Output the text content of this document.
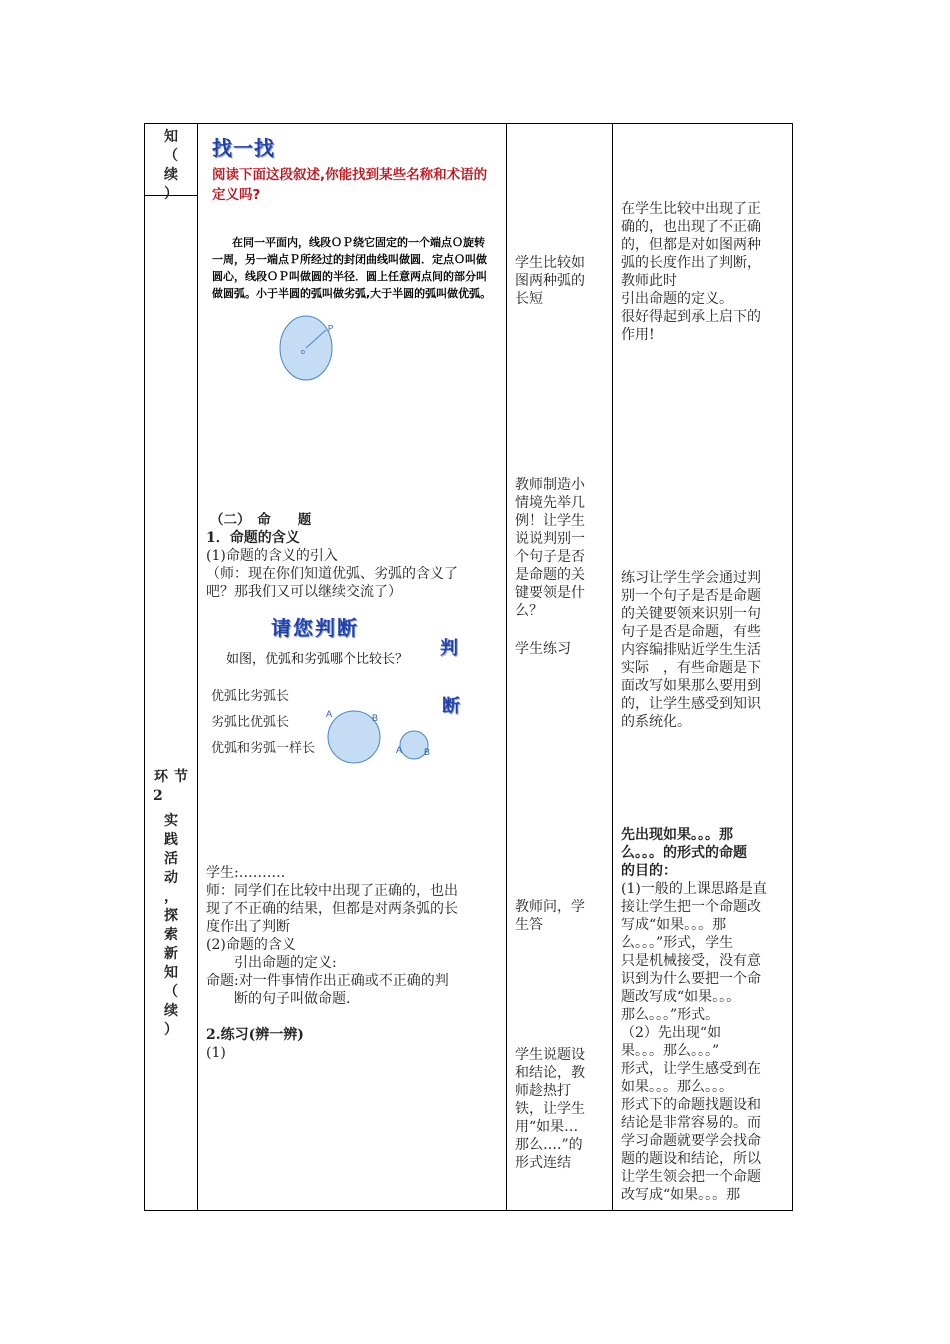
知
（
续
）
环 节
2
实
践
活
动
，
探
索
新
知
（
续
）
找一找
阅读下面这段叙述,你能找到某些名称和术语的定义吗?
在同一平面内，线段ＯＰ绕它固定的一个端点Ｏ旋转
一周，另一端点Ｐ所经过的封闭曲线叫做圆．定点Ｏ叫做
圆心，线段ＯＰ叫做圆的半径．圆上任意两点间的部分叫
做圆弧。小于半圆的弧叫做劣弧,大于半圆的弧叫做优弧。
P
o
（二）　命　　题
1．命题的含义
(1)命题的含义的引入
（师：现在你们知道优弧、劣弧的含义了
吧？那我们又可以继续交流了）
请您判断
如图，优弧和劣弧哪个比较长？
判
断
优弧比劣弧长
劣弧比优弧长
优弧和劣弧一样长
A	B
A B
学生:……….
师：同学们在比较中出现了正确的，也出
现了不正确的结果，但都是对两条弧的长
度作出了判断
(2)命题的含义
　　引出命题的定义:
命题:对一件事情作出正确或不正确的判
　　断的句子叫做命题.
2.练习(辨一辨)
(1)
学生比较如
图两种弧的
长短
教师制造小
情境先举几
例！让学生
说说判别一
个句子是否
是命题的关
键要领是什
么？
学生练习
教师问，学
生答
学生说题设
和结论，教
师趁热打
铁，让学生
用“如果…
那么….”的
形式连结
在学生比较中出现了正
确的，也出现了不正确
的，但都是对如图两种
弧的长度作出了判断，
教师此时
引出命题的定义。
很好得起到承上启下的
作用!
练习让学生学会通过判
别一个句子是否是命题
的关键要领来识别一句
句子是否是命题，有些
内容编排贴近学生生活
实际　，有些命题是下
面改写如果那么要用到
的，让学生感受到知识
的系统化。
先出现如果。。。那
么。。。的形式的命题
的目的：
(1)一般的上课思路是直
接让学生把一个命题改
写成“如果。。。那
么。。。”形式，学生
只是机械接受，没有意
识到为什么要把一个命
题改写成“如果。。。
那么。。。”形式。
（2）先出现“如
果。。。那么。。。”
形式，让学生感受到在
如果。。。那么。。。
形式下的命题找题设和
结论是非常容易的。而
学习命题就要学会找命
题的题设和结论，所以
让学生领会把一个命题
改写成“如果。。。那
